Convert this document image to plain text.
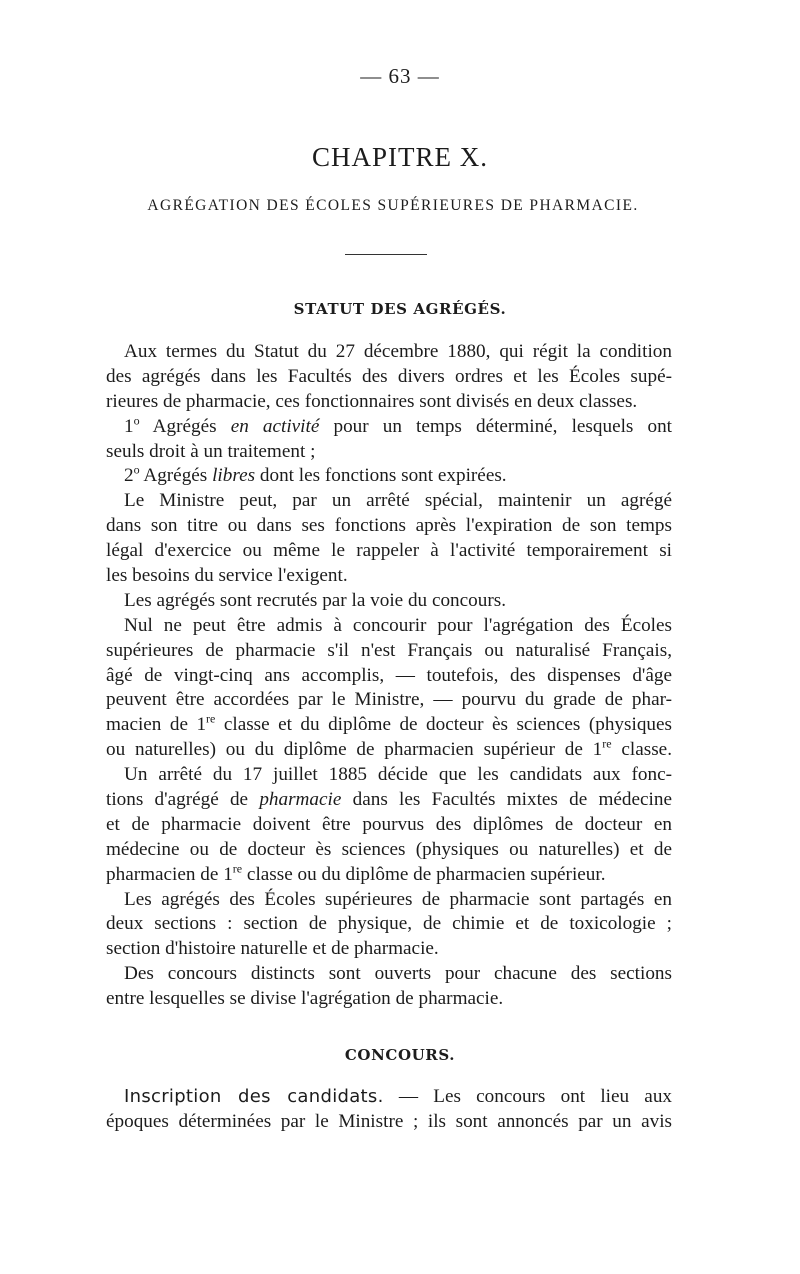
— 63 —
CHAPITRE X.
AGRÉGATION DES ÉCOLES SUPÉRIEURES DE PHARMACIE.
STATUT DES AGRÉGÉS.
Aux termes du Statut du 27 décembre 1880, qui régit la condition
des agrégés dans les Facultés des divers ordres et les Écoles supé-
rieures de pharmacie, ces fonctionnaires sont divisés en deux classes.
1$^o$ Agrégés en activité pour un temps déterminé, lesquels ont
seuls droit à un traitement ;
2$^o$ Agrégés libres dont les fonctions sont expirées.
Le Ministre peut, par un arrêté spécial, maintenir un agrégé
dans son titre ou dans ses fonctions après l'expiration de son temps
légal d'exercice ou même le rappeler à l'activité temporairement si
les besoins du service l'exigent.
Les agrégés sont recrutés par la voie du concours.
Nul ne peut être admis à concourir pour l'agrégation des Écoles
supérieures de pharmacie s'il n'est Français ou naturalisé Français,
âgé de vingt-cinq ans accomplis, — toutefois, des dispenses d'âge
peuvent être accordées par le Ministre, — pourvu du grade de phar-
macien de 1re classe et du diplôme de docteur ès sciences (physiques
ou naturelles) ou du diplôme de pharmacien supérieur de 1re classe.
Un arrêté du 17 juillet 1885 décide que les candidats aux fonc-
tions d'agrégé de pharmacie dans les Facultés mixtes de médecine
et de pharmacie doivent être pourvus des diplômes de docteur en
médecine ou de docteur ès sciences (physiques ou naturelles) et de
pharmacien de 1re classe ou du diplôme de pharmacien supérieur.
Les agrégés des Écoles supérieures de pharmacie sont partagés en
deux sections : section de physique, de chimie et de toxicologie ;
section d'histoire naturelle et de pharmacie.
Des concours distincts sont ouverts pour chacune des sections
entre lesquelles se divise l'agrégation de pharmacie.
CONCOURS.
Inscription des candidats. — Les concours ont lieu aux
époques déterminées par le Ministre ; ils sont annoncés par un avis
